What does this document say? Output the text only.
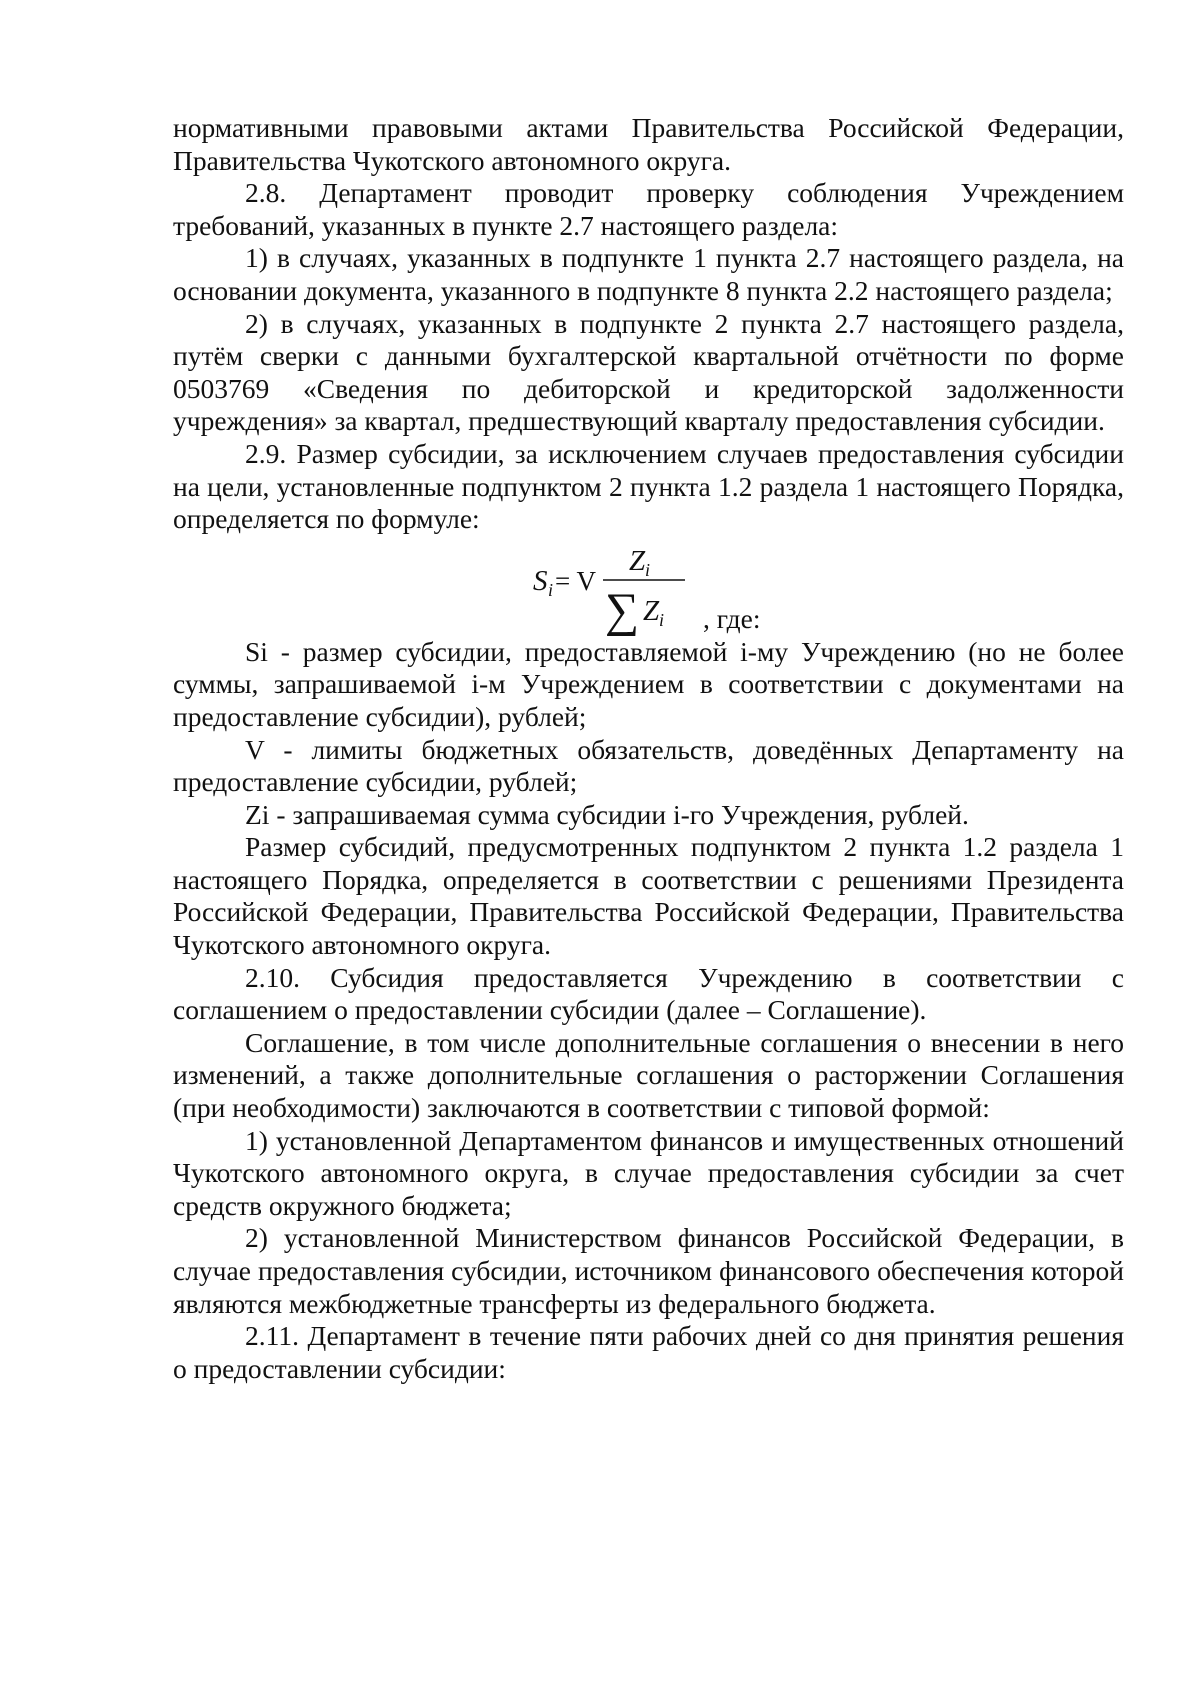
нормативными правовыми актами Правительства Российской Федерации, Правительства Чукотского автономного округа.

2.8. Департамент проводит проверку соблюдения Учреждением требований, указанных в пункте 2.7 настоящего раздела:

1) в случаях, указанных в подпункте 1 пункта 2.7 настоящего раздела, на основании документа, указанного в подпункте 8 пункта 2.2 настоящего раздела;

2) в случаях, указанных в подпункте 2 пункта 2.7 настоящего раздела, путём сверки с данными бухгалтерской квартальной отчётности по форме 0503769 «Сведения по дебиторской и кредиторской задолженности учреждения» за квартал, предшествующий кварталу предоставления субсидии.

2.9. Размер субсидии, за исключением случаев предоставления субсидии на цели, установленные подпунктом 2 пункта 1.2 раздела 1 настоящего Порядка, определяется по формуле:

S i = V
Z i
∑ Z i , где:

Si - размер субсидии, предоставляемой i-му Учреждению (но не более суммы, запрашиваемой i-м Учреждением в соответствии с документами на предоставление субсидии), рублей;

V - лимиты бюджетных обязательств, доведённых Департаменту на предоставление субсидии, рублей;

Zi - запрашиваемая сумма субсидии i-го Учреждения, рублей.

Размер субсидий, предусмотренных подпунктом 2 пункта 1.2 раздела 1 настоящего Порядка, определяется в соответствии с решениями Президента Российской Федерации, Правительства Российской Федерации, Правительства Чукотского автономного округа.

2.10. Субсидия предоставляется Учреждению в соответствии с соглашением о предоставлении субсидии (далее – Соглашение).

Соглашение, в том числе дополнительные соглашения о внесении в него изменений, а также дополнительные соглашения о расторжении Соглашения (при необходимости) заключаются в соответствии с типовой формой:

1) установленной Департаментом финансов и имущественных отношений Чукотского автономного округа, в случае предоставления субсидии за счет средств окружного бюджета;

2) установленной Министерством финансов Российской Федерации, в случае предоставления субсидии, источником финансового обеспечения которой являются межбюджетные трансферты из федерального бюджета.

2.11. Департамент в течение пяти рабочих дней со дня принятия решения о предоставлении субсидии:
